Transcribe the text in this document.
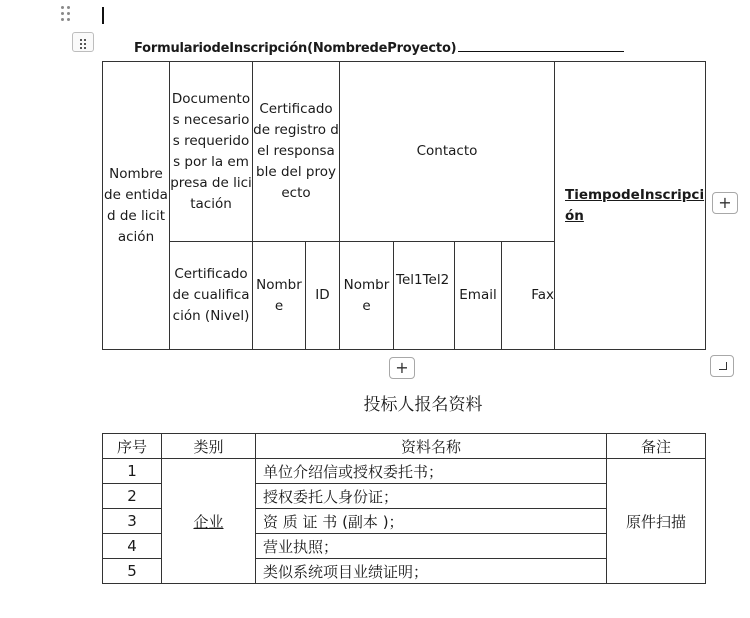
FormulariodeInscripción(NombredeProyecto)
Nombre de entidad de licitación	Documentos necesarios requeridos por la empresa de licitación	Certificado de registro del responsable del proyecto		Contacto				TiempodeInscripción
	Certificado de cualificación (Nivel)	Nombre	ID	Nombre	Tel1Tel2	Email	Fax	
+
+
投标人报名资料
序号	类别	资料名称	备注
1	企业	单位介绍信或授权委托书；	原件扫描
2		授权委托人身份证；	
3		资 质 证 书 (副本 )；	
4		营业执照；	
5		类似系统项目业绩证明；	
